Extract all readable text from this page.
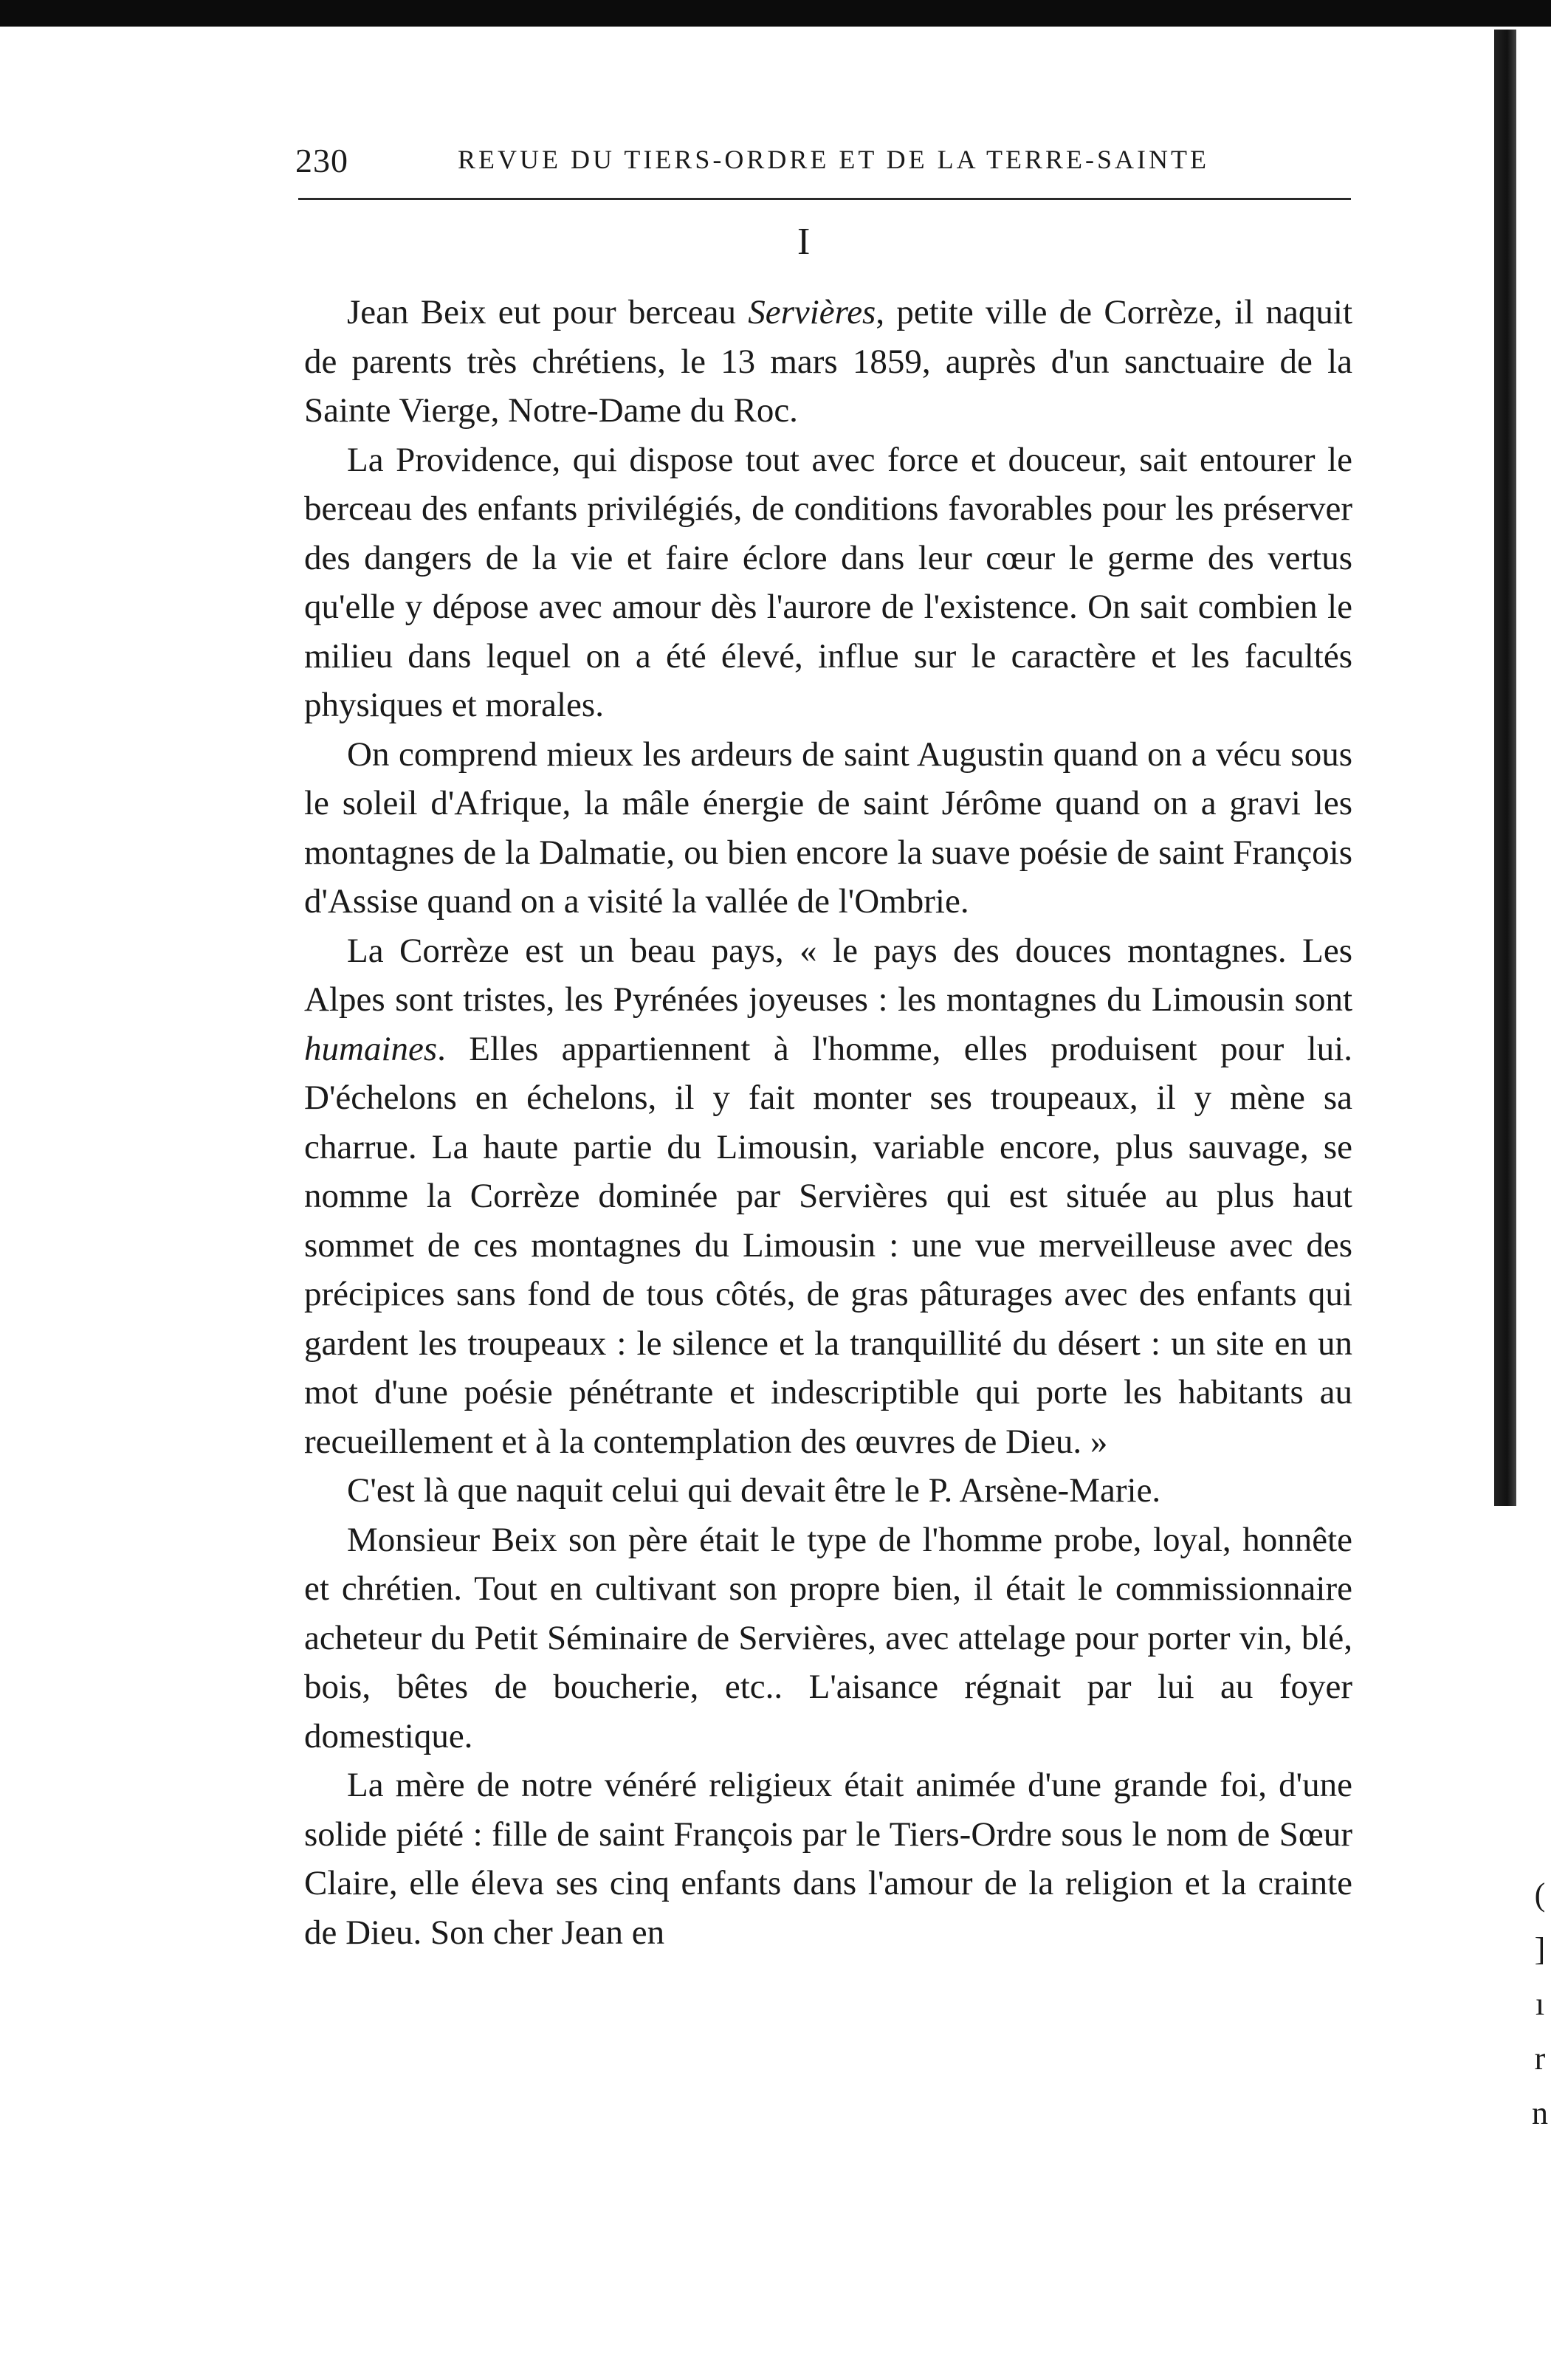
230	REVUE DU TIERS-ORDRE ET DE LA TERRE-SAINTE
I

Jean Beix eut pour berceau Servières, petite ville de Corrèze, il naquit de parents très chrétiens, le 13 mars 1859, auprès d'un sanctuaire de la Sainte Vierge, Notre-Dame du Roc.

La Providence, qui dispose tout avec force et douceur, sait entourer le berceau des enfants privilégiés, de conditions favorables pour les préserver des dangers de la vie et faire éclore dans leur cœur le germe des vertus qu'elle y dépose avec amour dès l'aurore de l'existence. On sait combien le milieu dans lequel on a été élevé, influe sur le caractère et les facultés physiques et morales.

On comprend mieux les ardeurs de saint Augustin quand on a vécu sous le soleil d'Afrique, la mâle énergie de saint Jérôme quand on a gravi les montagnes de la Dalmatie, ou bien encore la suave poésie de saint François d'Assise quand on a visité la vallée de l'Ombrie.

La Corrèze est un beau pays, « le pays des douces montagnes. Les Alpes sont tristes, les Pyrénées joyeuses : les montagnes du Limousin sont humaines. Elles appartiennent à l'homme, elles produisent pour lui. D'échelons en échelons, il y fait monter ses troupeaux, il y mène sa charrue. La haute partie du Limousin, variable encore, plus sauvage, se nomme la Corrèze dominée par Servières qui est située au plus haut sommet de ces montagnes du Limousin : une vue merveilleuse avec des précipices sans fond de tous côtés, de gras pâturages avec des enfants qui gardent les troupeaux : le silence et la tranquillité du désert : un site en un mot d'une poésie pénétrante et indescriptible qui porte les habitants au recueillement et à la contemplation des œuvres de Dieu. »

C'est là que naquit celui qui devait être le P. Arsène-Marie.

Monsieur Beix son père était le type de l'homme probe, loyal, honnête et chrétien. Tout en cultivant son propre bien, il était le commissionnaire acheteur du Petit Séminaire de Servières, avec attelage pour porter vin, blé, bois, bêtes de boucherie, etc.. L'aisance régnait par lui au foyer domestique.

La mère de notre vénéré religieux était animée d'une grande foi, d'une solide piété : fille de saint François par le Tiers-Ordre sous le nom de Sœur Claire, elle éleva ses cinq enfants dans l'amour de la religion et la crainte de Dieu. Son cher Jean en

(
]
ı
r
n
